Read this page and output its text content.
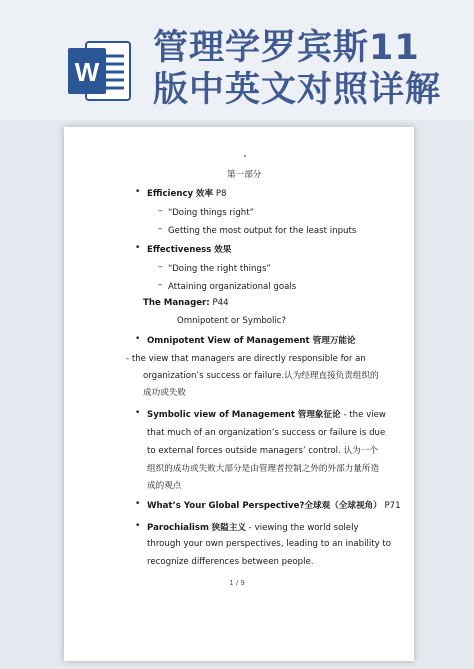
W
管理学罗宾斯11
版中英文对照详解
第一部分
• Efficiency 效率 P8
– “Doing things right”
– Getting the most output for the least inputs
• Effectiveness 效果
– “Doing the right things”
– Attaining organizational goals
The Manager: P44
Omnipotent or Symbolic?
• Omnipotent View of Management 管理万能论
- the view that managers are directly responsible for an
organization’s success or failure.认为经理直接负责组织的
成功或失败
• Symbolic view of Management 管理象征论 - the view
that much of an organization’s success or failure is due
to external forces outside managers’ control. 认为一个
组织的成功或失败大部分是由管理者控制之外的外部力量所造
成的观点
• What’s Your Global Perspective?全球观（全球视角） P71
• Parochialism 狭隘主义 - viewing the world solely
through your own perspectives, leading to an inability to
recognize differences between people.
1 / 9
